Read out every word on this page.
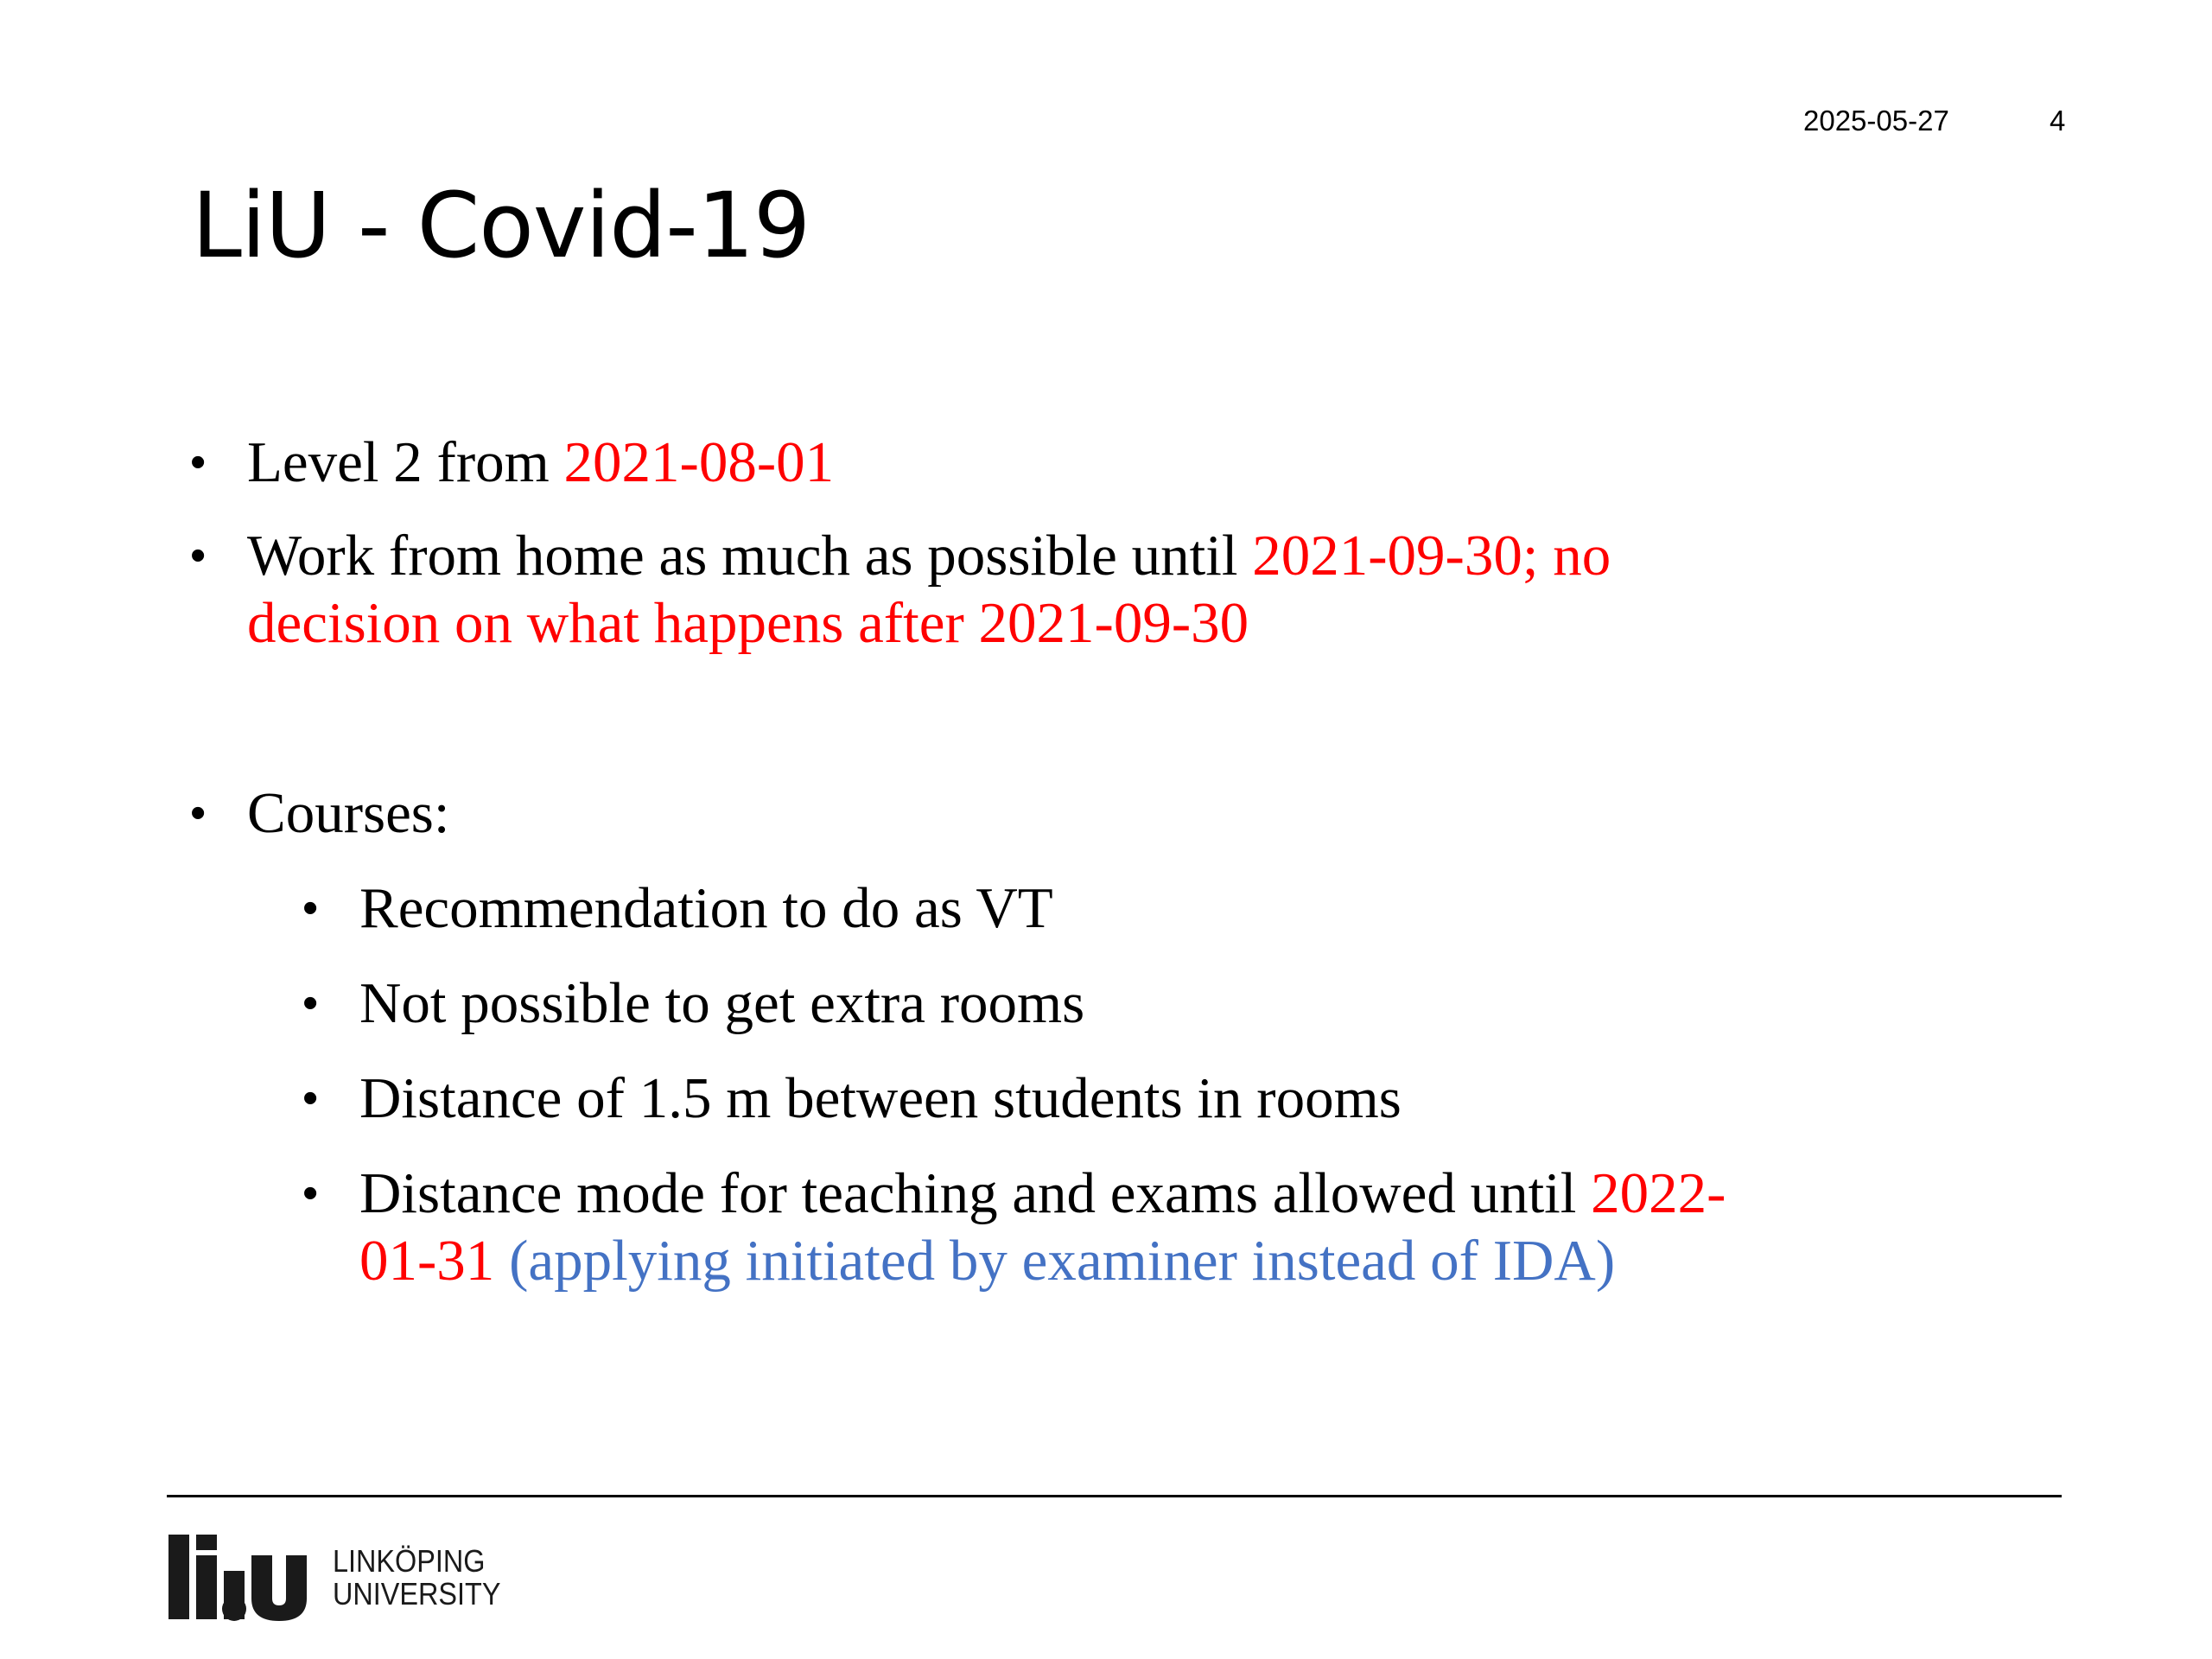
2025-05-27	4
LiU - Covid-19
• Level 2 from 2021-08-01
• Work from home as much as possible until 2021-09-30; no
decision on what happens after 2021-09-30
• Courses:
• Recommendation to do as VT
• Not possible to get extra rooms
• Distance of 1.5 m between students in rooms
• Distance mode for teaching and exams allowed until 2022-
01-31 (applying initiated by examiner instead of IDA)
LINKÖPING
UNIVERSITY
